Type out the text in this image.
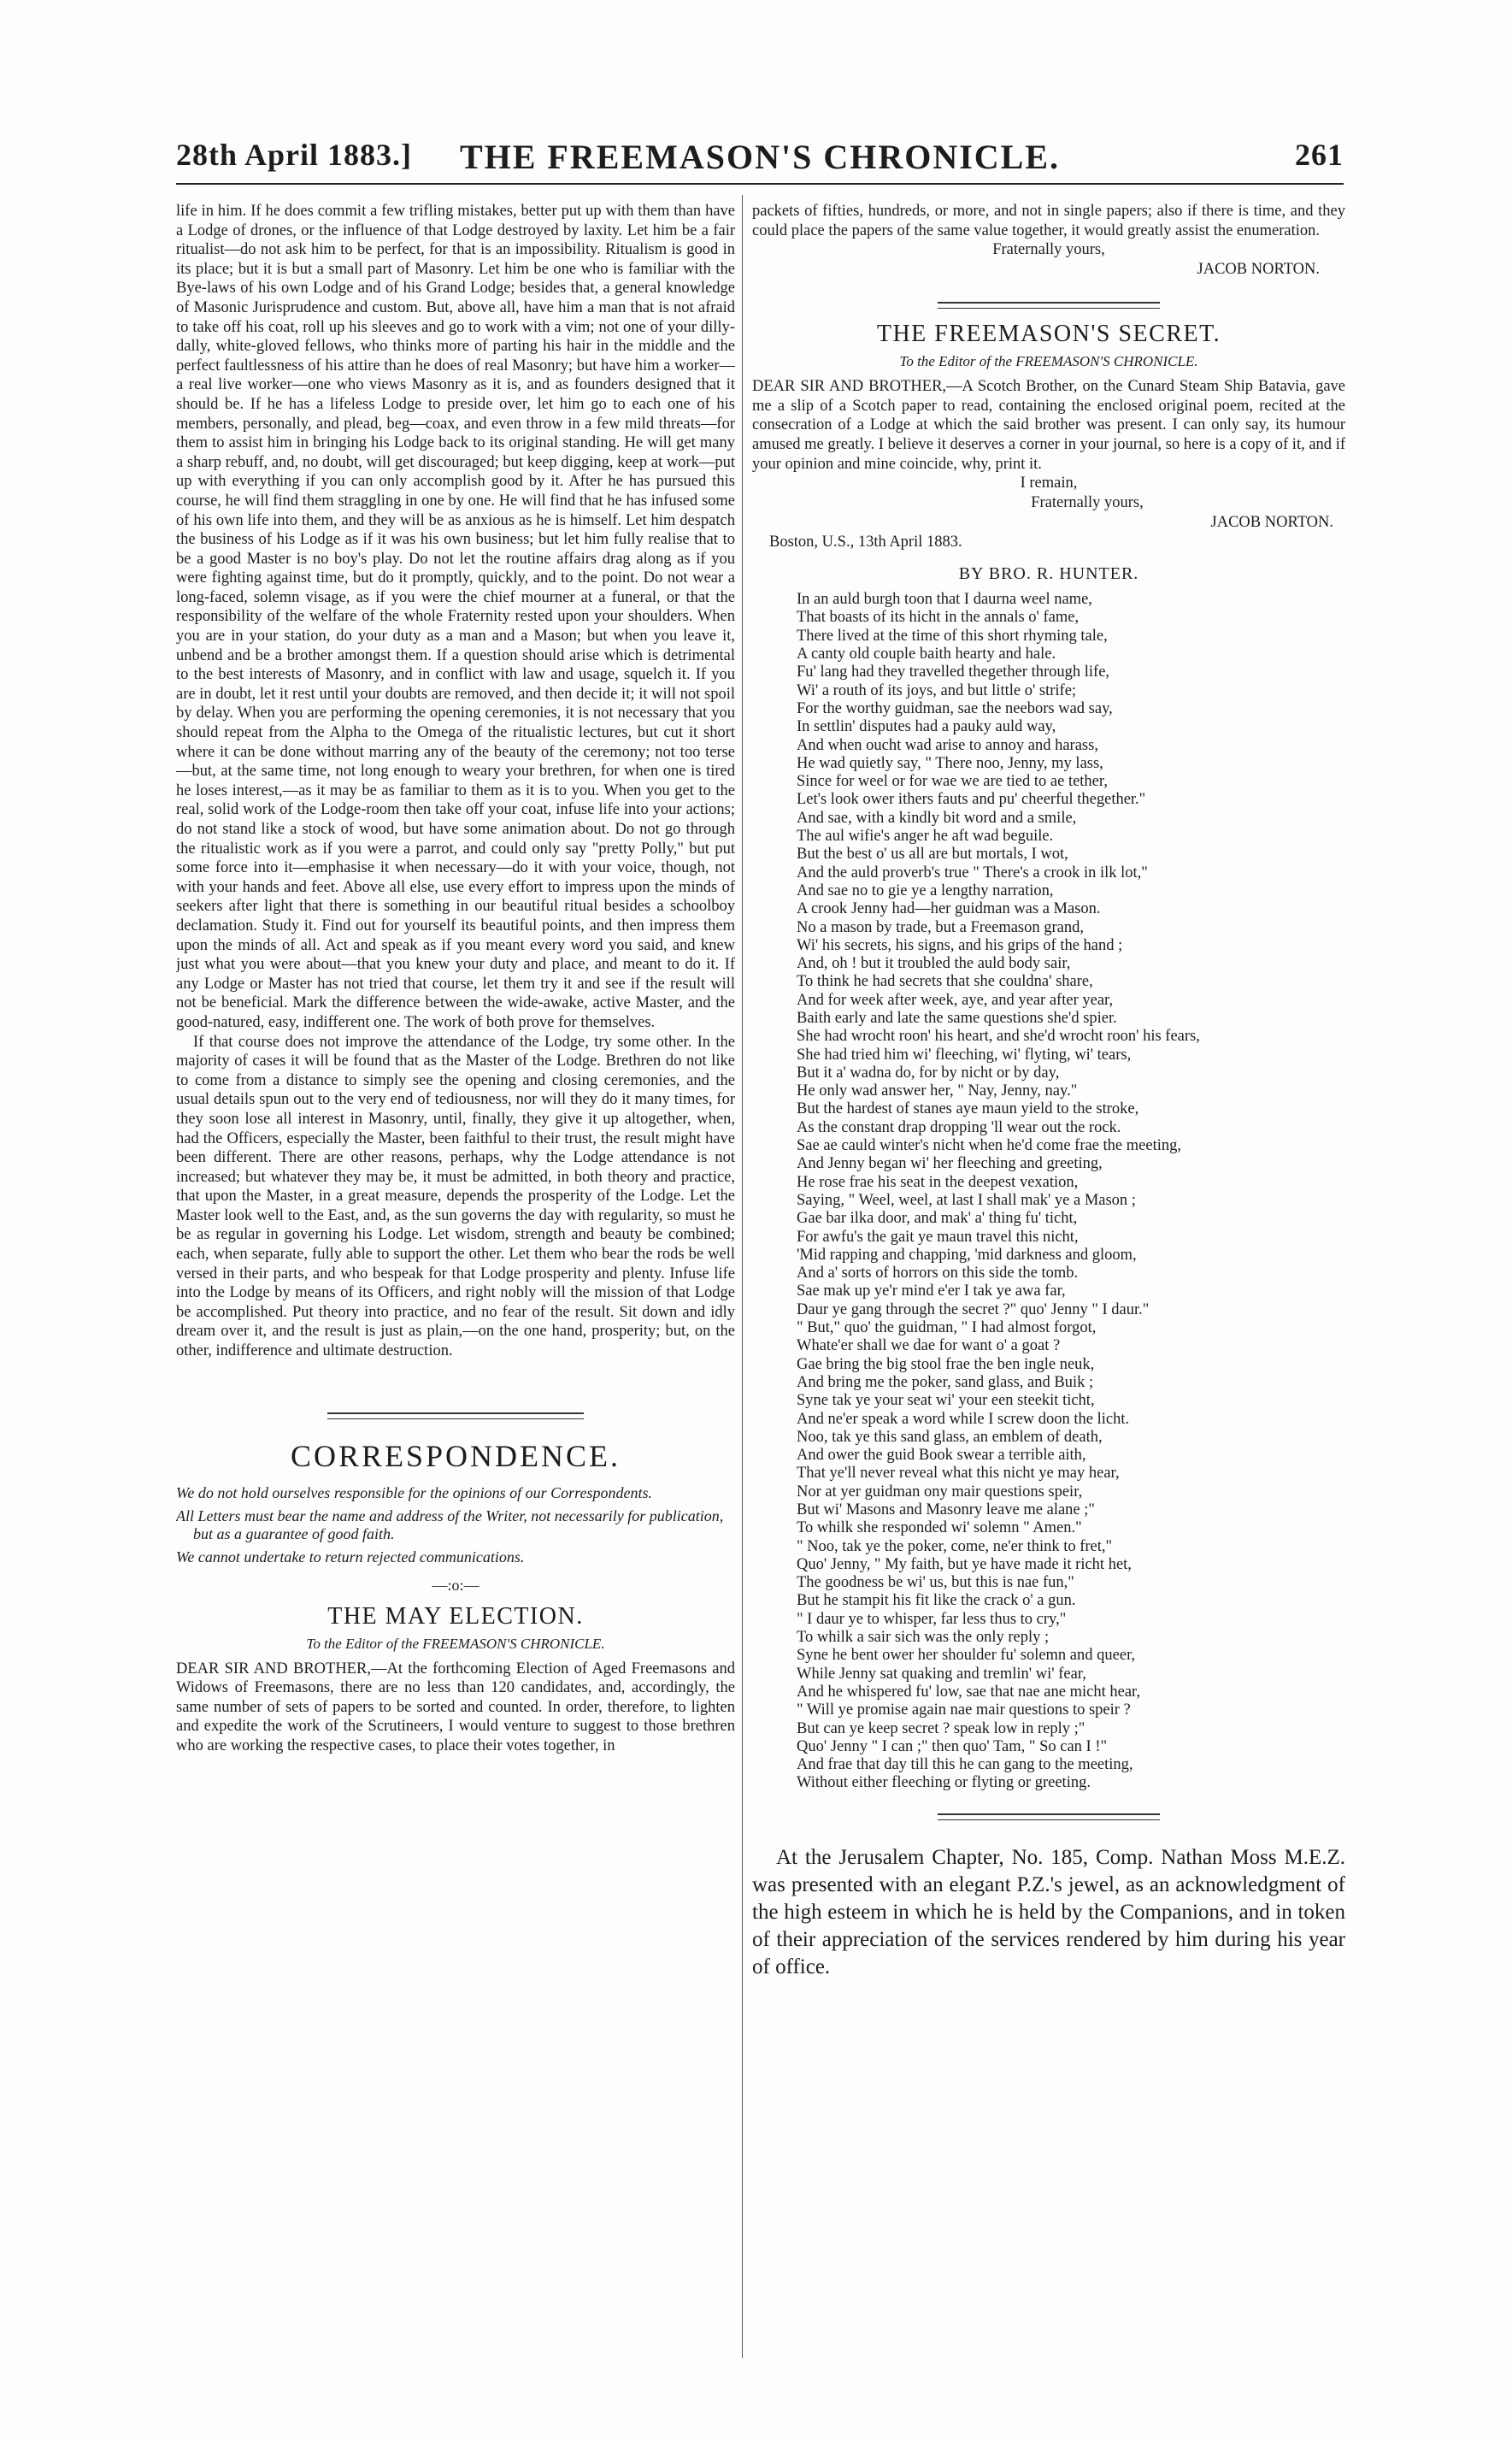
28th April 1883.]	THE FREEMASON'S CHRONICLE.	261

life in him. If he does commit a few trifling mistakes, better put up with them than have a Lodge of drones, or the influence of that Lodge destroyed by laxity. Let him be a fair ritualist—do not ask him to be perfect, for that is an impossibility. Ritualism is good in its place; but it is but a small part of Masonry. Let him be one who is familiar with the Bye-laws of his own Lodge and of his Grand Lodge; besides that, a general knowledge of Masonic Jurisprudence and custom. But, above all, have him a man that is not afraid to take off his coat, roll up his sleeves and go to work with a vim; not one of your dilly-dally, white-gloved fellows, who thinks more of parting his hair in the middle and the perfect faultlessness of his attire than he does of real Masonry; but have him a worker—a real live worker—one who views Masonry as it is, and as founders designed that it should be. If he has a lifeless Lodge to preside over, let him go to each one of his members, personally, and plead, beg—coax, and even throw in a few mild threats—for them to assist him in bringing his Lodge back to its original standing. He will get many a sharp rebuff, and, no doubt, will get discouraged; but keep digging, keep at work—put up with everything if you can only accomplish good by it. After he has pursued this course, he will find them straggling in one by one. He will find that he has infused some of his own life into them, and they will be as anxious as he is himself. Let him despatch the business of his Lodge as if it was his own business; but let him fully realise that to be a good Master is no boy's play. Do not let the routine affairs drag along as if you were fighting against time, but do it promptly, quickly, and to the point. Do not wear a long-faced, solemn visage, as if you were the chief mourner at a funeral, or that the responsibility of the welfare of the whole Fraternity rested upon your shoulders. When you are in your station, do your duty as a man and a Mason; but when you leave it, unbend and be a brother amongst them. If a question should arise which is detrimental to the best interests of Masonry, and in conflict with law and usage, squelch it. If you are in doubt, let it rest until your doubts are removed, and then decide it; it will not spoil by delay. When you are performing the opening ceremonies, it is not necessary that you should repeat from the Alpha to the Omega of the ritualistic lectures, but cut it short where it can be done without marring any of the beauty of the ceremony; not too terse—but, at the same time, not long enough to weary your brethren, for when one is tired he loses interest,—as it may be as familiar to them as it is to you. When you get to the real, solid work of the Lodge-room then take off your coat, infuse life into your actions; do not stand like a stock of wood, but have some animation about. Do not go through the ritualistic work as if you were a parrot, and could only say "pretty Polly," but put some force into it—emphasise it when necessary—do it with your voice, though, not with your hands and feet. Above all else, use every effort to impress upon the minds of seekers after light that there is something in our beautiful ritual besides a schoolboy declamation. Study it. Find out for yourself its beautiful points, and then impress them upon the minds of all. Act and speak as if you meant every word you said, and knew just what you were about—that you knew your duty and place, and meant to do it. If any Lodge or Master has not tried that course, let them try it and see if the result will not be beneficial. Mark the difference between the wide-awake, active Master, and the good-natured, easy, indifferent one. The work of both prove for themselves.

If that course does not improve the attendance of the Lodge, try some other. In the majority of cases it will be found that as the Master of the Lodge. Brethren do not like to come from a distance to simply see the opening and closing ceremonies, and the usual details spun out to the very end of tediousness, nor will they do it many times, for they soon lose all interest in Masonry, until, finally, they give it up altogether, when, had the Officers, especially the Master, been faithful to their trust, the result might have been different. There are other reasons, perhaps, why the Lodge attendance is not increased; but whatever they may be, it must be admitted, in both theory and practice, that upon the Master, in a great measure, depends the prosperity of the Lodge. Let the Master look well to the East, and, as the sun governs the day with regularity, so must he be as regular in governing his Lodge. Let wisdom, strength and beauty be combined; each, when separate, fully able to support the other. Let them who bear the rods be well versed in their parts, and who bespeak for that Lodge prosperity and plenty. Infuse life into the Lodge by means of its Officers, and right nobly will the mission of that Lodge be accomplished. Put theory into practice, and no fear of the result. Sit down and idly dream over it, and the result is just as plain,—on the one hand, prosperity; but, on the other, indifference and ultimate destruction.

CORRESPONDENCE.

We do not hold ourselves responsible for the opinions of our Correspondents.

All Letters must bear the name and address of the Writer, not necessarily for publication, but as a guarantee of good faith.

We cannot undertake to return rejected communications.

—:o:—
THE MAY ELECTION.

To the Editor of the FREEMASON'S CHRONICLE.

DEAR SIR AND BROTHER,—At the forthcoming Election of Aged Freemasons and Widows of Freemasons, there are no less than 120 candidates, and, accordingly, the same number of sets of papers to be sorted and counted. In order, therefore, to lighten and expedite the work of the Scrutineers, I would venture to suggest to those brethren who are working the respective cases, to place their votes together, in

packets of fifties, hundreds, or more, and not in single papers; also if there is time, and they could place the papers of the same value together, it would greatly assist the enumeration.

Fraternally yours,

JACOB NORTON.

THE FREEMASON'S SECRET.

To the Editor of the FREEMASON'S CHRONICLE.

DEAR SIR AND BROTHER,—A Scotch Brother, on the Cunard Steam Ship Batavia, gave me a slip of a Scotch paper to read, containing the enclosed original poem, recited at the consecration of a Lodge at which the said brother was present. I can only say, its humour amused me greatly. I believe it deserves a corner in your journal, so here is a copy of it, and if your opinion and mine coincide, why, print it.

I remain,

Fraternally yours,

JACOB NORTON.

Boston, U.S., 13th April 1883.

BY BRO. R. HUNTER.

In an auld burgh toon that I daurna weel name,
That boasts of its hicht in the annals o' fame,
There lived at the time of this short rhyming tale,
A canty old couple baith hearty and hale.
Fu' lang had they travelled thegether through life,
Wi' a routh of its joys, and but little o' strife;
For the worthy guidman, sae the neebors wad say,
In settlin' disputes had a pauky auld way,
And when oucht wad arise to annoy and harass,
He wad quietly say, " There noo, Jenny, my lass,
Since for weel or for wae we are tied to ae tether,
Let's look ower ithers fauts and pu' cheerful thegether."
And sae, with a kindly bit word and a smile,
The aul wifie's anger he aft wad beguile.
But the best o' us all are but mortals, I wot,
And the auld proverb's true " There's a crook in ilk lot,"
And sae no to gie ye a lengthy narration,
A crook Jenny had—her guidman was a Mason.
No a mason by trade, but a Freemason grand,
Wi' his secrets, his signs, and his grips of the hand ;
And, oh ! but it troubled the auld body sair,
To think he had secrets that she couldna' share,
And for week after week, aye, and year after year,
Baith early and late the same questions she'd spier.
She had wrocht roon' his heart, and she'd wrocht roon' his fears,
She had tried him wi' fleeching, wi' flyting, wi' tears,
But it a' wadna do, for by nicht or by day,
He only wad answer her, " Nay, Jenny, nay."
But the hardest of stanes aye maun yield to the stroke,
As the constant drap dropping 'll wear out the rock.
Sae ae cauld winter's nicht when he'd come frae the meeting,
And Jenny began wi' her fleeching and greeting,
He rose frae his seat in the deepest vexation,
Saying, " Weel, weel, at last I shall mak' ye a Mason ;
Gae bar ilka door, and mak' a' thing fu' ticht,
For awfu's the gait ye maun travel this nicht,
'Mid rapping and chapping, 'mid darkness and gloom,
And a' sorts of horrors on this side the tomb.
Sae mak up ye'r mind e'er I tak ye awa far,
Daur ye gang through the secret ?" quo' Jenny " I daur."
" But," quo' the guidman, " I had almost forgot,
Whate'er shall we dae for want o' a goat ?
Gae bring the big stool frae the ben ingle neuk,
And bring me the poker, sand glass, and Buik ;
Syne tak ye your seat wi' your een steekit ticht,
And ne'er speak a word while I screw doon the licht.
Noo, tak ye this sand glass, an emblem of death,
And ower the guid Book swear a terrible aith,
That ye'll never reveal what this nicht ye may hear,
Nor at yer guidman ony mair questions speir,
But wi' Masons and Masonry leave me alane ;"
To whilk she responded wi' solemn " Amen."
" Noo, tak ye the poker, come, ne'er think to fret,"
Quo' Jenny, " My faith, but ye have made it richt het,
The goodness be wi' us, but this is nae fun,"
But he stampit his fit like the crack o' a gun.
" I daur ye to whisper, far less thus to cry,"
To whilk a sair sich was the only reply ;
Syne he bent ower her shoulder fu' solemn and queer,
While Jenny sat quaking and tremlin' wi' fear,
And he whispered fu' low, sae that nae ane micht hear,
" Will ye promise again nae mair questions to speir ?
But can ye keep secret ? speak low in reply ;"
Quo' Jenny " I can ;" then quo' Tam, " So can I !"
And frae that day till this he can gang to the meeting,
Without either fleeching or flyting or greeting.

At the Jerusalem Chapter, No. 185, Comp. Nathan Moss M.E.Z. was presented with an elegant P.Z.'s jewel, as an acknowledgment of the high esteem in which he is held by the Companions, and in token of their appreciation of the services rendered by him during his year of office.
